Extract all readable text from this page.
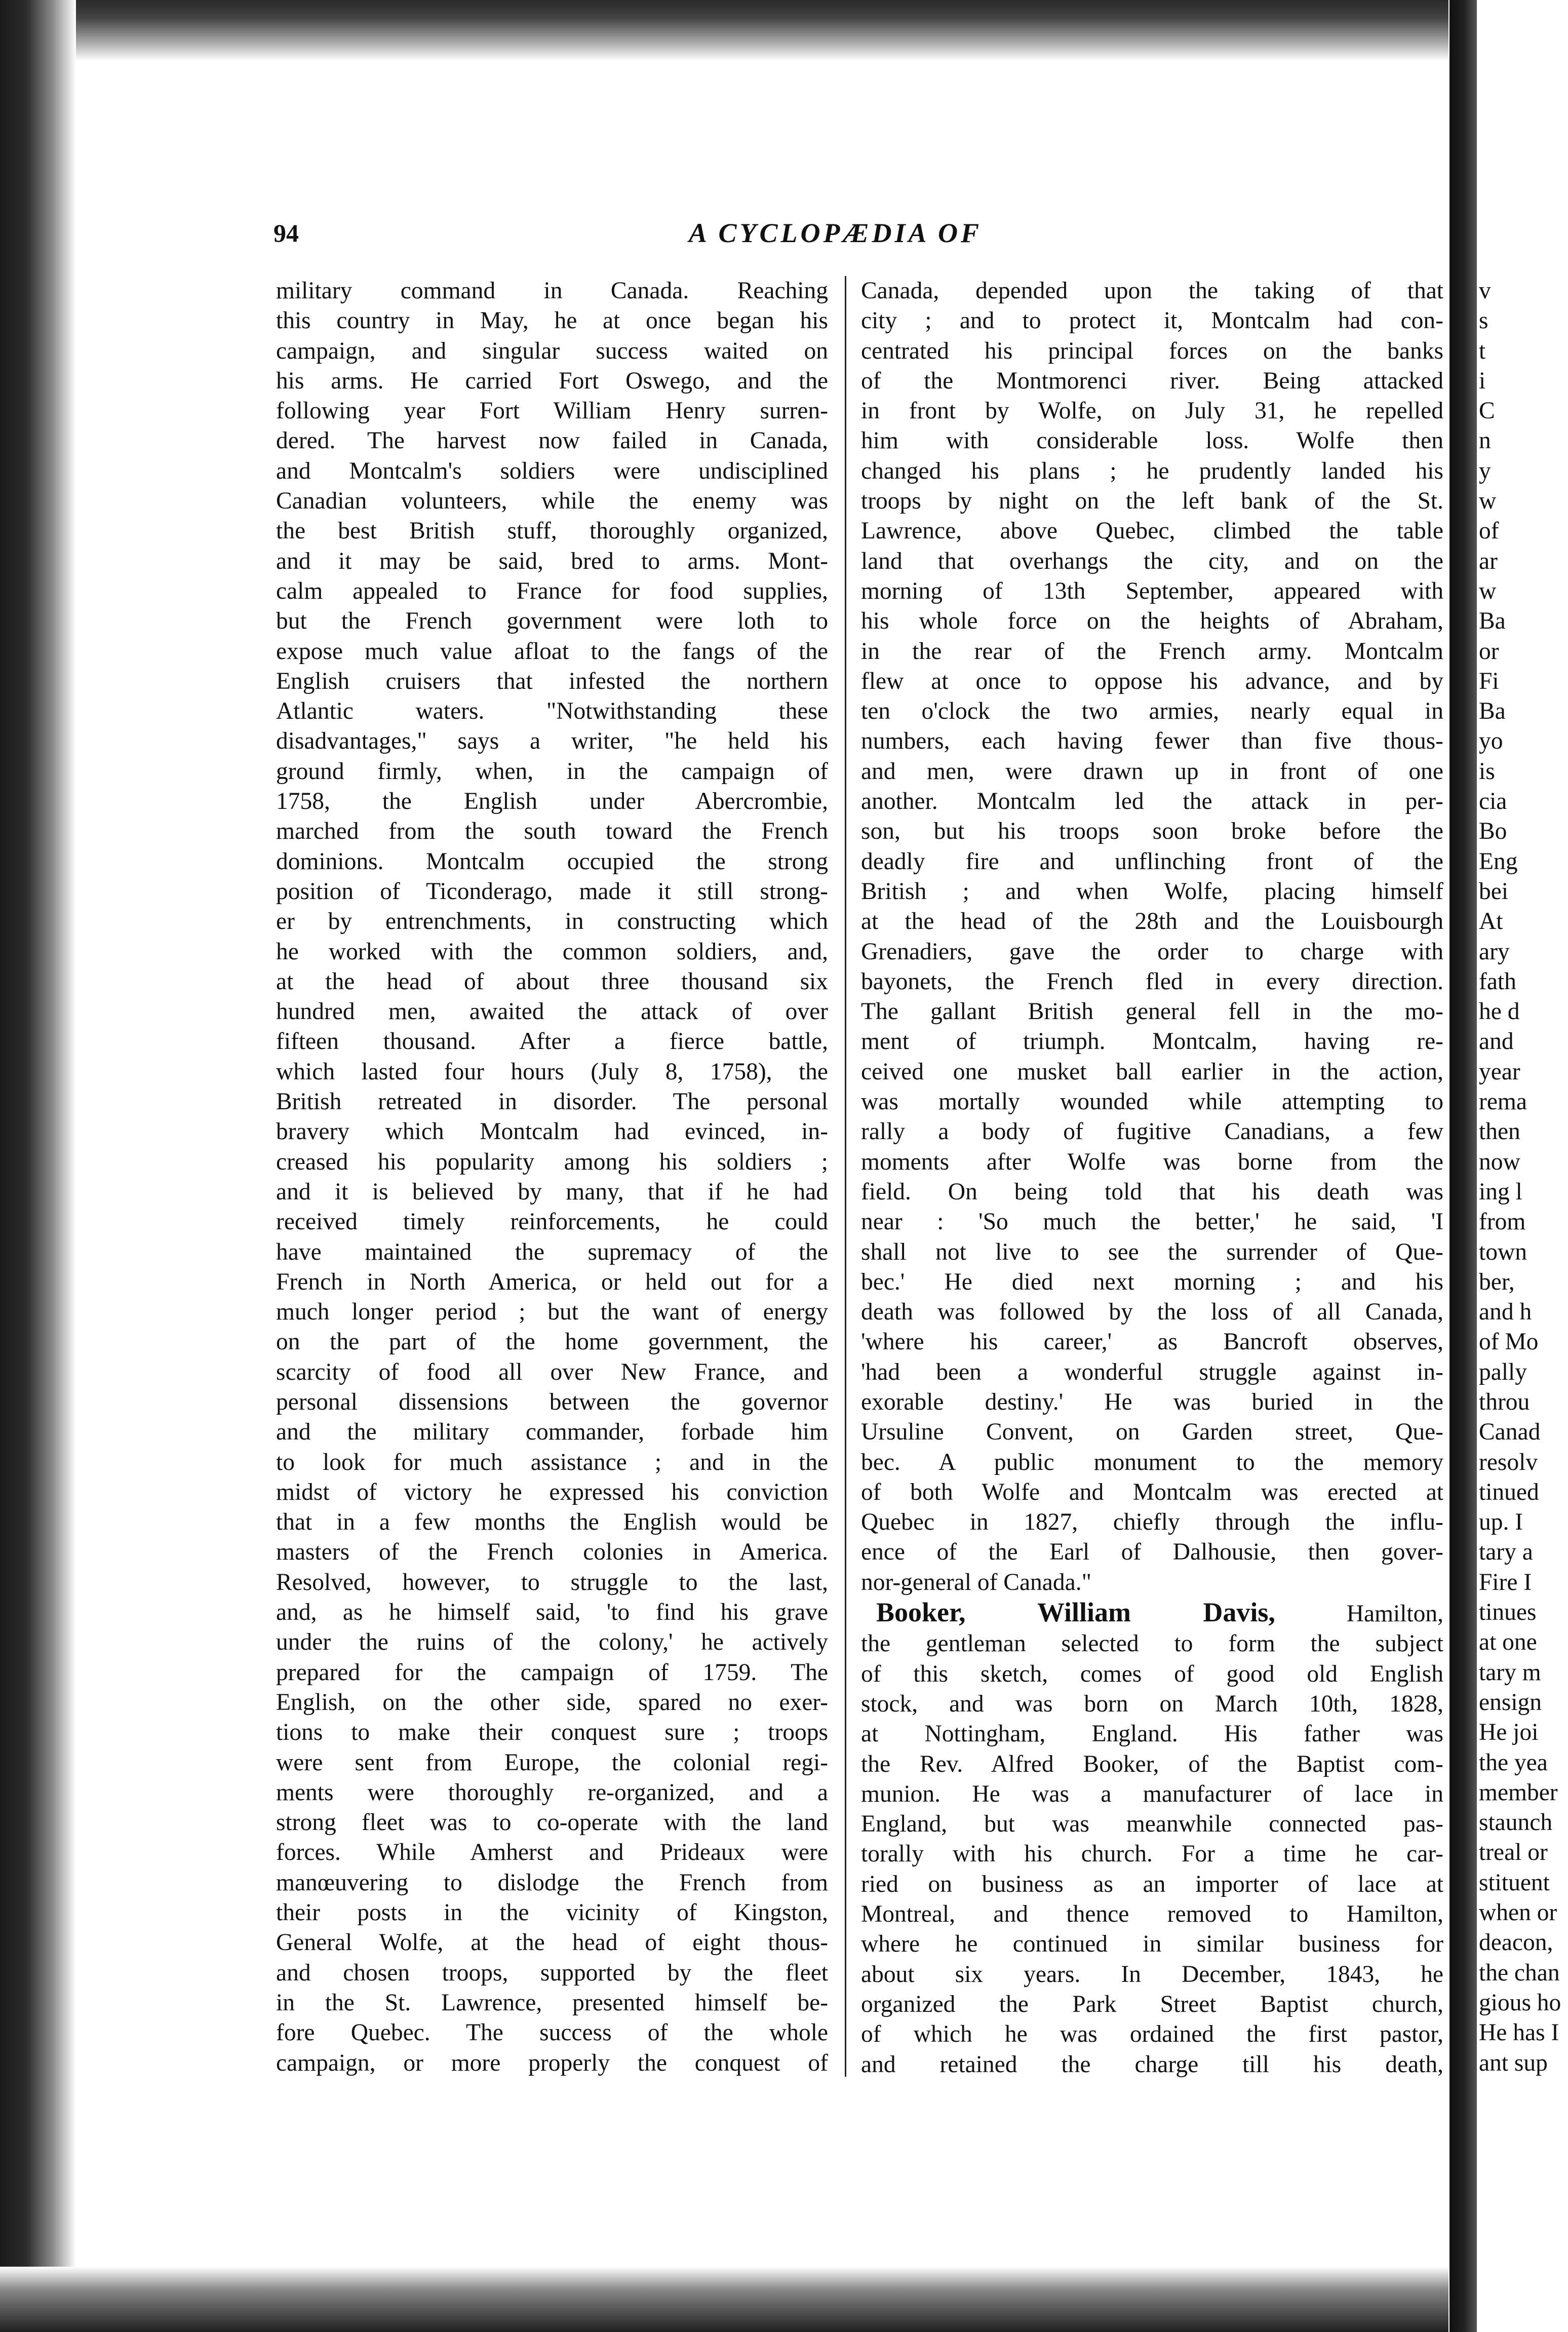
94	A CYCLOPÆDIA OF
military command in Canada. Reaching
this country in May, he at once began his
campaign, and singular success waited on
his arms. He carried Fort Oswego, and the
following year Fort William Henry surren-
dered. The harvest now failed in Canada,
and Montcalm's soldiers were undisciplined
Canadian volunteers, while the enemy was
the best British stuff, thoroughly organized,
and it may be said, bred to arms. Mont-
calm appealed to France for food supplies,
but the French government were loth to
expose much value afloat to the fangs of the
English cruisers that infested the northern
Atlantic waters. "Notwithstanding these
disadvantages," says a writer, "he held his
ground firmly, when, in the campaign of
1758, the English under Abercrombie,
marched from the south toward the French
dominions. Montcalm occupied the strong
position of Ticonderago, made it still strong-
er by entrenchments, in constructing which
he worked with the common soldiers, and,
at the head of about three thousand six
hundred men, awaited the attack of over
fifteen thousand. After a fierce battle,
which lasted four hours (July 8, 1758), the
British retreated in disorder. The personal
bravery which Montcalm had evinced, in-
creased his popularity among his soldiers ;
and it is believed by many, that if he had
received timely reinforcements, he could
have maintained the supremacy of the
French in North America, or held out for a
much longer period ; but the want of energy
on the part of the home government, the
scarcity of food all over New France, and
personal dissensions between the governor
and the military commander, forbade him
to look for much assistance ; and in the
midst of victory he expressed his conviction
that in a few months the English would be
masters of the French colonies in America.
Resolved, however, to struggle to the last,
and, as he himself said, 'to find his grave
under the ruins of the colony,' he actively
prepared for the campaign of 1759. The
English, on the other side, spared no exer-
tions to make their conquest sure ; troops
were sent from Europe, the colonial regi-
ments were thoroughly re-organized, and a
strong fleet was to co-operate with the land
forces. While Amherst and Prideaux were
manœuvering to dislodge the French from
their posts in the vicinity of Kingston,
General Wolfe, at the head of eight thous-
and chosen troops, supported by the fleet
in the St. Lawrence, presented himself be-
fore Quebec. The success of the whole
campaign, or more properly the conquest of
Canada, depended upon the taking of that
city ; and to protect it, Montcalm had con-
centrated his principal forces on the banks
of the Montmorenci river. Being attacked
in front by Wolfe, on July 31, he repelled
him with considerable loss. Wolfe then
changed his plans ; he prudently landed his
troops by night on the left bank of the St.
Lawrence, above Quebec, climbed the table
land that overhangs the city, and on the
morning of 13th September, appeared with
his whole force on the heights of Abraham,
in the rear of the French army. Montcalm
flew at once to oppose his advance, and by
ten o'clock the two armies, nearly equal in
numbers, each having fewer than five thous-
and men, were drawn up in front of one
another. Montcalm led the attack in per-
son, but his troops soon broke before the
deadly fire and unflinching front of the
British ; and when Wolfe, placing himself
at the head of the 28th and the Louisbourgh
Grenadiers, gave the order to charge with
bayonets, the French fled in every direction.
The gallant British general fell in the mo-
ment of triumph. Montcalm, having re-
ceived one musket ball earlier in the action,
was mortally wounded while attempting to
rally a body of fugitive Canadians, a few
moments after Wolfe was borne from the
field. On being told that his death was
near : 'So much the better,' he said, 'I
shall not live to see the surrender of Que-
bec.' He died next morning ; and his
death was followed by the loss of all Canada,
'where his career,' as Bancroft observes,
'had been a wonderful struggle against in-
exorable destiny.' He was buried in the
Ursuline Convent, on Garden street, Que-
bec. A public monument to the memory
of both Wolfe and Montcalm was erected at
Quebec in 1827, chiefly through the influ-
ence of the Earl of Dalhousie, then gover-
nor-general of Canada."
Booker, William Davis, Hamilton,
the gentleman selected to form the subject
of this sketch, comes of good old English
stock, and was born on March 10th, 1828,
at Nottingham, England. His father was
the Rev. Alfred Booker, of the Baptist com-
munion. He was a manufacturer of lace in
England, but was meanwhile connected pas-
torally with his church. For a time he car-
ried on business as an importer of lace at
Montreal, and thence removed to Hamilton,
where he continued in similar business for
about six years. In December, 1843, he
organized the Park Street Baptist church,
of which he was ordained the first pastor,
and retained the charge till his death,
v
s
t
i
C
n
y
w
of
ar
w
Ba
or
Fi
Ba
yo
is
cia
Bo
Eng
bei
At
ary
fath
he d
and
year
rema
then
now
ing l
from
town
ber,
and h
of Mo
pally
throu
Canad
resolv
tinued
up. I
tary a
Fire I
tinues
at one
tary m
ensign
He joi
the yea
member
staunch
treal or
stituent
when or
deacon,
the chan
gious ho
He has I
ant sup
